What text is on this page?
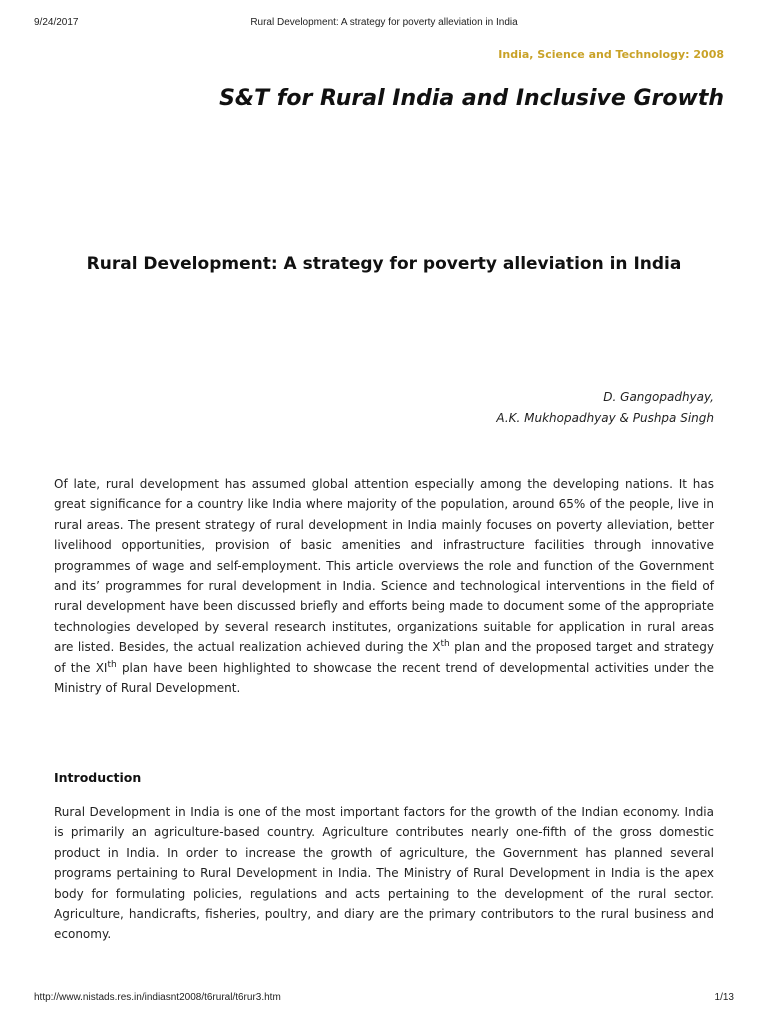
9/24/2017	Rural Development: A strategy for poverty alleviation in India
India, Science and Technology: 2008
S&T for Rural India and Inclusive Growth
Rural Development: A strategy for poverty alleviation in India
D. Gangopadhyay,
A.K. Mukhopadhyay & Pushpa Singh

Of late, rural development has assumed global attention especially among the developing nations. It has great significance for a country like India where majority of the population, around 65% of the people, live in rural areas. The present strategy of rural development in India mainly focuses on poverty alleviation, better livelihood opportunities, provision of basic amenities and infrastructure facilities through innovative programmes of wage and self-employment. This article overviews the role and function of the Government and its’ programmes for rural development in India. Science and technological interventions in the field of rural development have been discussed briefly and efforts being made to document some of the appropriate technologies developed by several research institutes, organizations suitable for application in rural areas are listed. Besides, the actual realization achieved during the Xth plan and the proposed target and strategy of the XIth plan have been highlighted to showcase the recent trend of developmental activities under the Ministry of Rural Development.

Introduction

Rural Development in India is one of the most important factors for the growth of the Indian economy. India is primarily an agriculture-based country. Agriculture contributes nearly one-fifth of the gross domestic product in India. In order to increase the growth of agriculture, the Government has planned several programs pertaining to Rural Development in India. The Ministry of Rural Development in India is the apex body for formulating policies, regulations and acts pertaining to the development of the rural sector. Agriculture, handicrafts, fisheries, poultry, and diary are the primary contributors to the rural business and economy.

http://www.nistads.res.in/indiasnt2008/t6rural/t6rur3.htm	1/13
